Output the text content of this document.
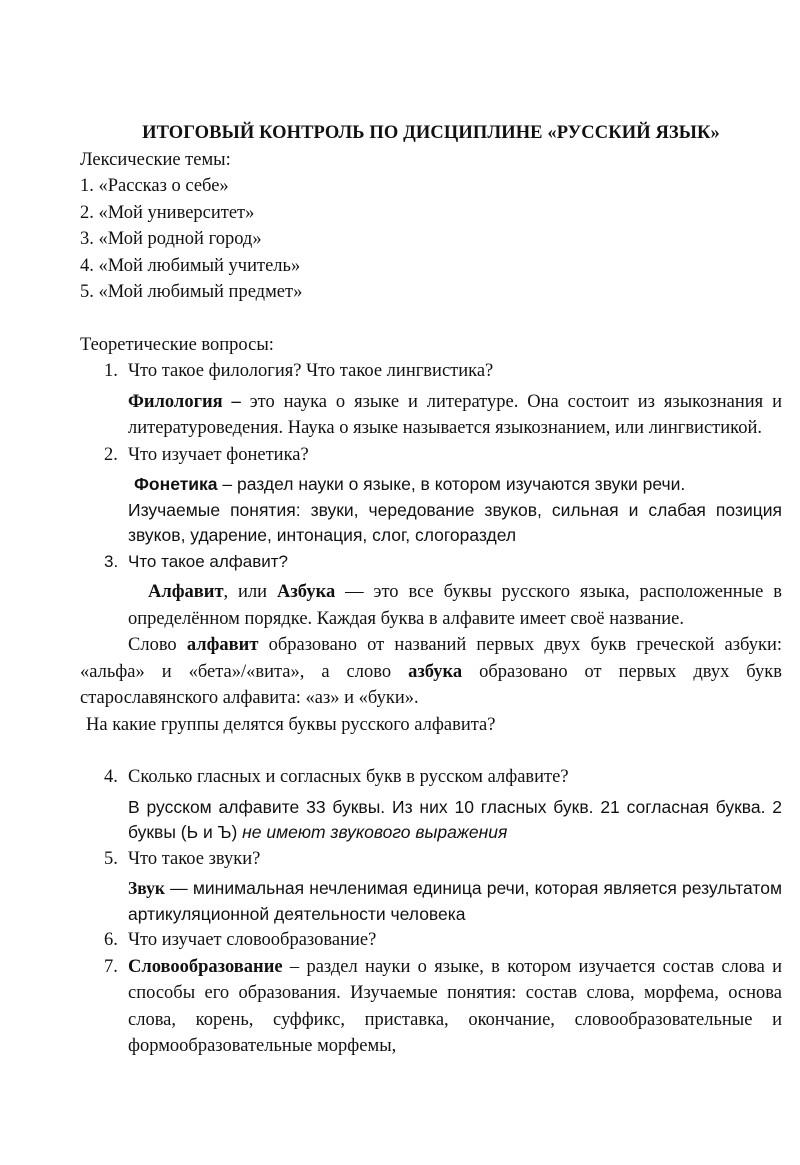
ИТОГОВЫЙ КОНТРОЛЬ ПО ДИСЦИПЛИНЕ «РУССКИЙ ЯЗЫК»

Лексические темы:

1. «Рассказ о себе»

2. «Мой университет»

3. «Мой родной город»

4. «Мой любимый учитель»

5. «Мой любимый предмет»

Теоретические вопросы:

1. Что такое филология? Что такое лингвистика?

Филология – это наука о языке и литературе. Она состоит из языкознания и литературоведения. Наука о языке называется языкознанием, или лингвистикой.

2. Что изучает фонетика?

Фонетика – раздел науки о языке, в котором изучаются звуки речи.
Изучаемые понятия: звуки, чередование звуков, сильная и слабая позиция звуков, ударение, интонация, слог, слогораздел

3. Что такое алфавит?

Алфавит, или Азбука — это все буквы русского языка, расположенные в определённом порядке. Каждая буква в алфавите имеет своё название.

Слово алфавит образовано от названий первых двух букв греческой азбуки: «альфа» и «бета»/«вита», а слово азбука образовано от первых двух букв старославянского алфавита: «аз» и «буки».

На какие группы делятся буквы русского алфавита?

4. Сколько гласных и согласных букв в русском алфавите?

В русском алфавите 33 буквы. Из них 10 гласных букв. 21 согласная буква. 2 буквы (Ь и Ъ) не имеют звукового выражения

5. Что такое звуки?

Звук — минимальная нечленимая единица речи, которая является результатом артикуляционной деятельности человека

6. Что изучает словообразование?

7. Словообразование – раздел науки о языке, в котором изучается состав слова и способы его образования. Изучаемые понятия: состав слова, морфема, основа слова, корень, суффикс, приставка, окончание, словообразовательные и формообразовательные морфемы,
